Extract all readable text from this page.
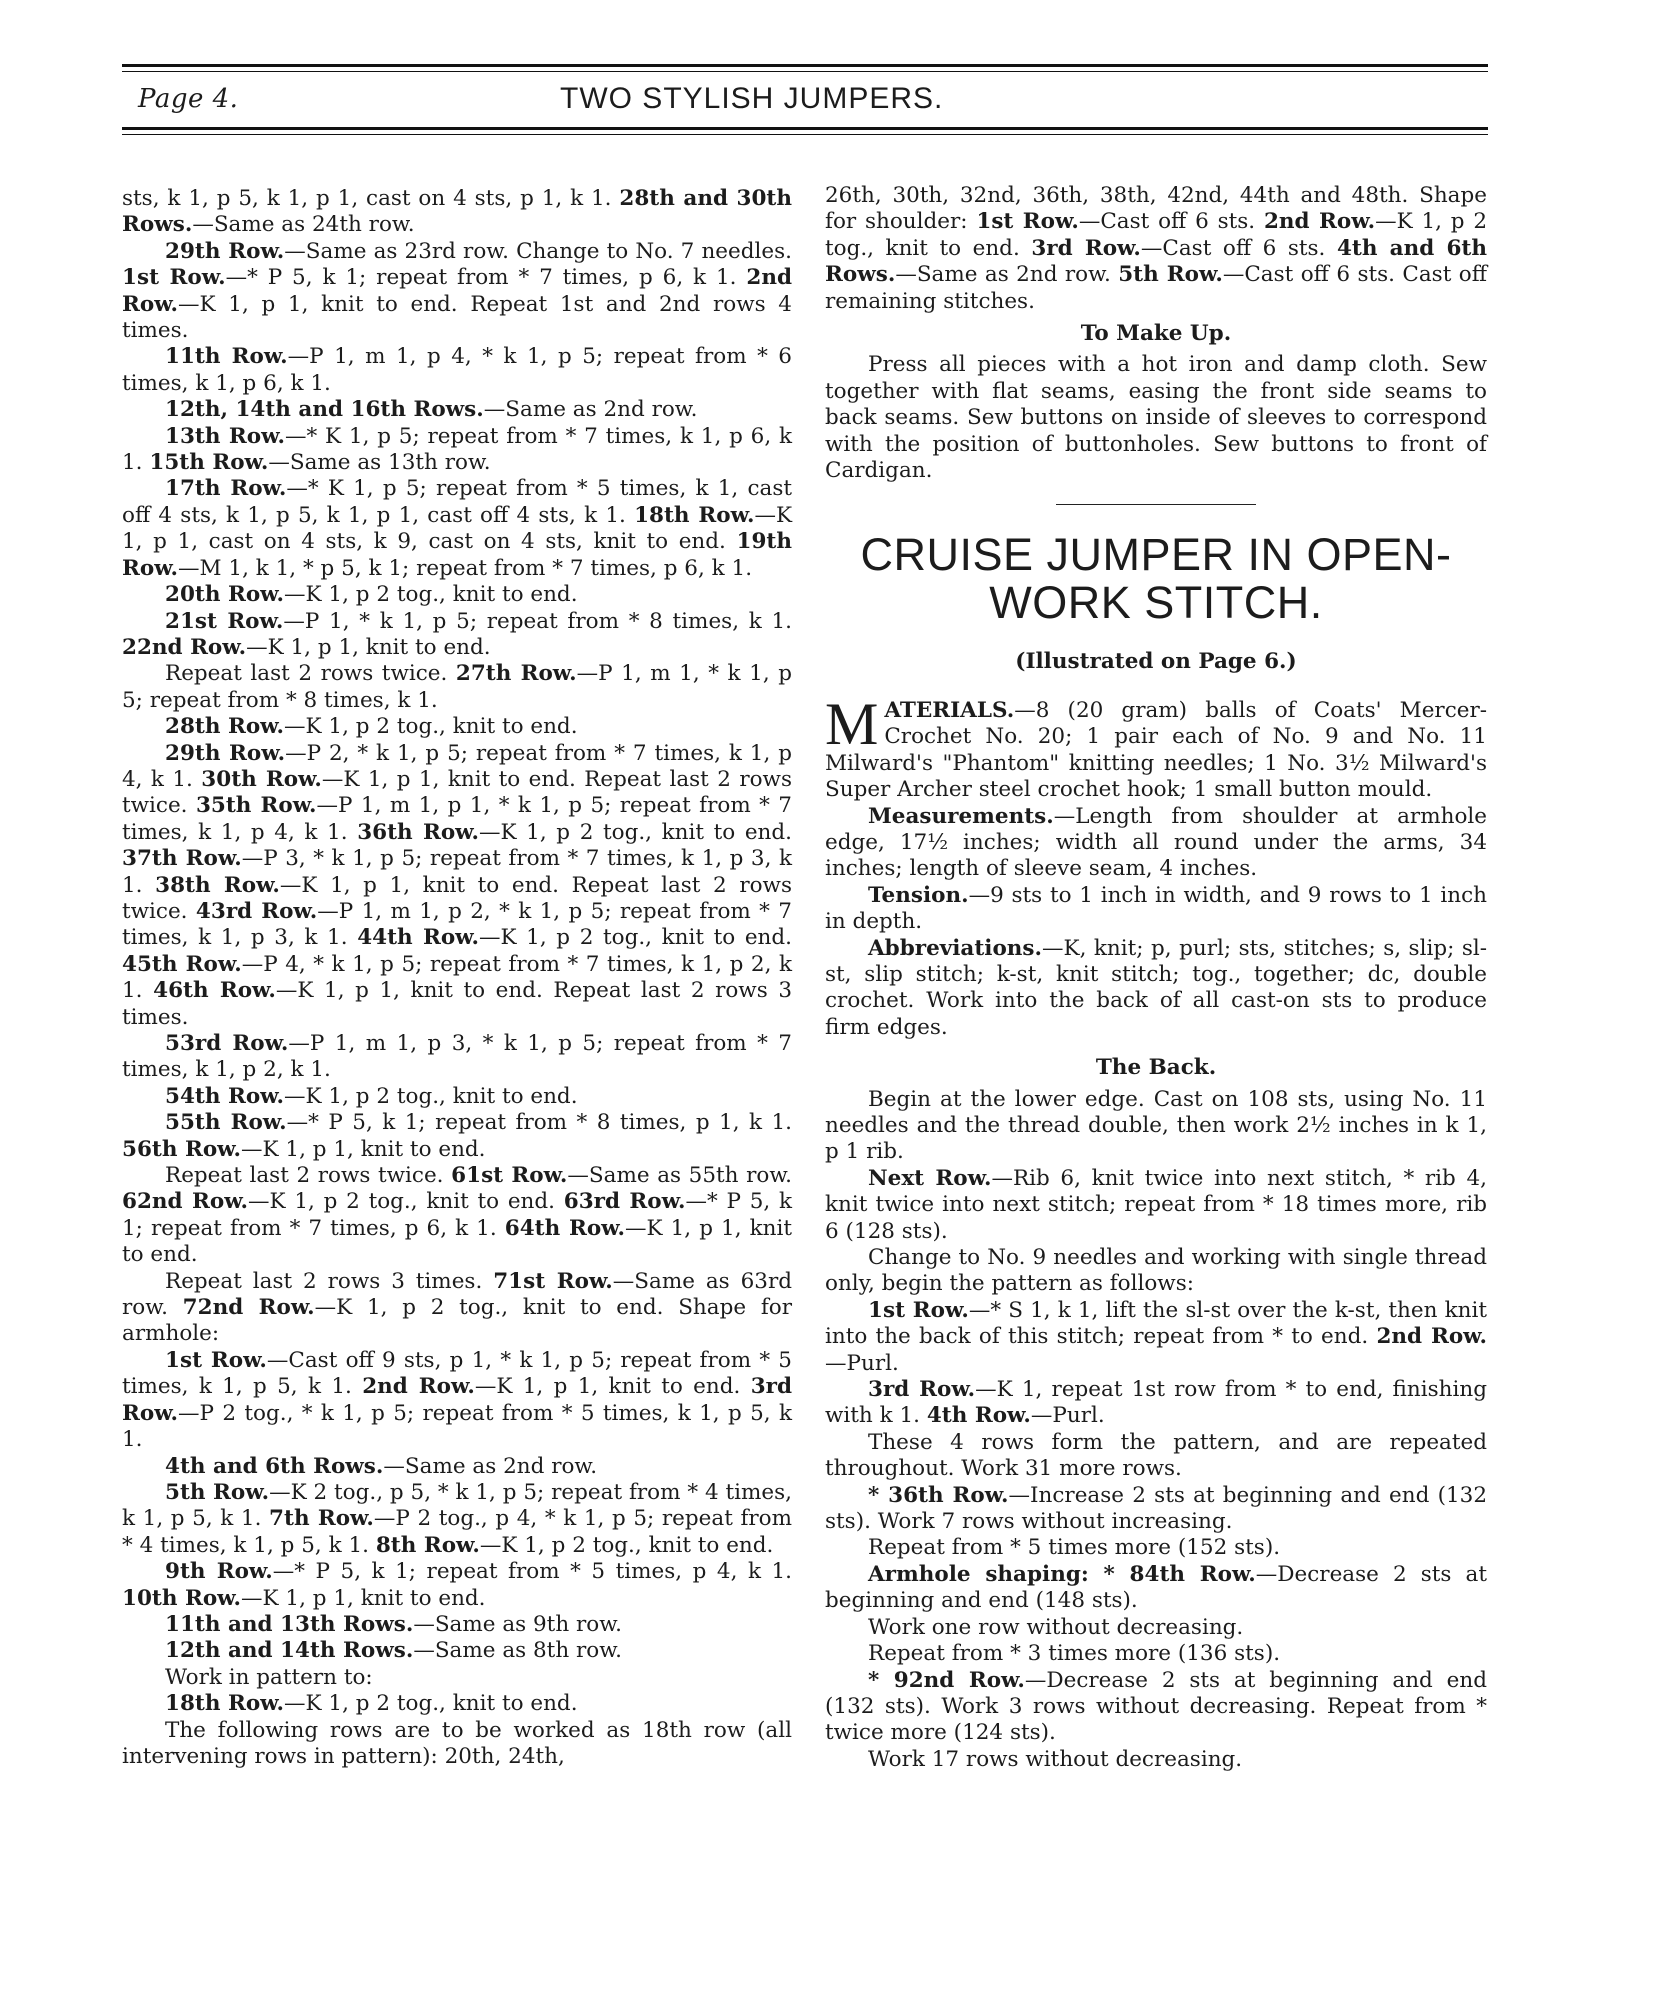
Page 4.	TWO STYLISH JUMPERS.

sts, k 1, p 5, k 1, p 1, cast on 4 sts, p 1, k 1. 28th and 30th Rows.—Same as 24th row.

29th Row.—Same as 23rd row. Change to No. 7 needles. 1st Row.—* P 5, k 1; repeat from * 7 times, p 6, k 1. 2nd Row.—K 1, p 1, knit to end. Repeat 1st and 2nd rows 4 times.

11th Row.—P 1, m 1, p 4, * k 1, p 5; repeat from * 6 times, k 1, p 6, k 1.

12th, 14th and 16th Rows.—Same as 2nd row.

13th Row.—* K 1, p 5; repeat from * 7 times, k 1, p 6, k 1. 15th Row.—Same as 13th row.

17th Row.—* K 1, p 5; repeat from * 5 times, k 1, cast off 4 sts, k 1, p 5, k 1, p 1, cast off 4 sts, k 1. 18th Row.—K 1, p 1, cast on 4 sts, k 9, cast on 4 sts, knit to end. 19th Row.—M 1, k 1, * p 5, k 1; repeat from * 7 times, p 6, k 1.

20th Row.—K 1, p 2 tog., knit to end.

21st Row.—P 1, * k 1, p 5; repeat from * 8 times, k 1. 22nd Row.—K 1, p 1, knit to end.

Repeat last 2 rows twice. 27th Row.—P 1, m 1, * k 1, p 5; repeat from * 8 times, k 1.

28th Row.—K 1, p 2 tog., knit to end.

29th Row.—P 2, * k 1, p 5; repeat from * 7 times, k 1, p 4, k 1. 30th Row.—K 1, p 1, knit to end. Repeat last 2 rows twice. 35th Row.—P 1, m 1, p 1, * k 1, p 5; repeat from * 7 times, k 1, p 4, k 1. 36th Row.—K 1, p 2 tog., knit to end. 37th Row.—P 3, * k 1, p 5; repeat from * 7 times, k 1, p 3, k 1. 38th Row.—K 1, p 1, knit to end. Repeat last 2 rows twice. 43rd Row.—P 1, m 1, p 2, * k 1, p 5; repeat from * 7 times, k 1, p 3, k 1. 44th Row.—K 1, p 2 tog., knit to end. 45th Row.—P 4, * k 1, p 5; repeat from * 7 times, k 1, p 2, k 1. 46th Row.—K 1, p 1, knit to end. Repeat last 2 rows 3 times.

53rd Row.—P 1, m 1, p 3, * k 1, p 5; repeat from * 7 times, k 1, p 2, k 1.

54th Row.—K 1, p 2 tog., knit to end.

55th Row.—* P 5, k 1; repeat from * 8 times, p 1, k 1. 56th Row.—K 1, p 1, knit to end.

Repeat last 2 rows twice. 61st Row.—Same as 55th row. 62nd Row.—K 1, p 2 tog., knit to end. 63rd Row.—* P 5, k 1; repeat from * 7 times, p 6, k 1. 64th Row.—K 1, p 1, knit to end.

Repeat last 2 rows 3 times. 71st Row.—Same as 63rd row. 72nd Row.—K 1, p 2 tog., knit to end. Shape for armhole:

1st Row.—Cast off 9 sts, p 1, * k 1, p 5; repeat from * 5 times, k 1, p 5, k 1. 2nd Row.—K 1, p 1, knit to end. 3rd Row.—P 2 tog., * k 1, p 5; repeat from * 5 times, k 1, p 5, k 1.

4th and 6th Rows.—Same as 2nd row.

5th Row.—K 2 tog., p 5, * k 1, p 5; repeat from * 4 times, k 1, p 5, k 1. 7th Row.—P 2 tog., p 4, * k 1, p 5; repeat from * 4 times, k 1, p 5, k 1. 8th Row.—K 1, p 2 tog., knit to end.

9th Row.—* P 5, k 1; repeat from * 5 times, p 4, k 1. 10th Row.—K 1, p 1, knit to end.

11th and 13th Rows.—Same as 9th row.

12th and 14th Rows.—Same as 8th row.

Work in pattern to:

18th Row.—K 1, p 2 tog., knit to end.

The following rows are to be worked as 18th row (all intervening rows in pattern): 20th, 24th,

26th, 30th, 32nd, 36th, 38th, 42nd, 44th and 48th. Shape for shoulder: 1st Row.—Cast off 6 sts. 2nd Row.—K 1, p 2 tog., knit to end. 3rd Row.—Cast off 6 sts. 4th and 6th Rows.—Same as 2nd row. 5th Row.—Cast off 6 sts. Cast off remaining stitches.

To Make Up.

Press all pieces with a hot iron and damp cloth. Sew together with flat seams, easing the front side seams to back seams. Sew buttons on inside of sleeves to correspond with the position of buttonholes. Sew buttons to front of Cardigan.

CRUISE JUMPER IN OPEN-WORK STITCH.
(Illustrated on Page 6.)

MATERIALS.—8 (20 gram) balls of Coats' Mercer-Crochet No. 20; 1 pair each of No. 9 and No. 11 Milward's "Phantom" knitting needles; 1 No. 3½ Milward's Super Archer steel crochet hook; 1 small button mould.

Measurements.—Length from shoulder at armhole edge, 17½ inches; width all round under the arms, 34 inches; length of sleeve seam, 4 inches.

Tension.—9 sts to 1 inch in width, and 9 rows to 1 inch in depth.

Abbreviations.—K, knit; p, purl; sts, stitches; s, slip; sl-st, slip stitch; k-st, knit stitch; tog., together; dc, double crochet. Work into the back of all cast-on sts to produce firm edges.

The Back.

Begin at the lower edge. Cast on 108 sts, using No. 11 needles and the thread double, then work 2½ inches in k 1, p 1 rib.

Next Row.—Rib 6, knit twice into next stitch, * rib 4, knit twice into next stitch; repeat from * 18 times more, rib 6 (128 sts).

Change to No. 9 needles and working with single thread only, begin the pattern as follows:

1st Row.—* S 1, k 1, lift the sl-st over the k-st, then knit into the back of this stitch; repeat from * to end. 2nd Row.—Purl.

3rd Row.—K 1, repeat 1st row from * to end, finishing with k 1. 4th Row.—Purl.

These 4 rows form the pattern, and are repeated throughout. Work 31 more rows.

* 36th Row.—Increase 2 sts at beginning and end (132 sts). Work 7 rows without increasing.

Repeat from * 5 times more (152 sts).

Armhole shaping: * 84th Row.—Decrease 2 sts at beginning and end (148 sts).

Work one row without decreasing.

Repeat from * 3 times more (136 sts).

* 92nd Row.—Decrease 2 sts at beginning and end (132 sts). Work 3 rows without decreasing. Repeat from * twice more (124 sts).

Work 17 rows without decreasing.
